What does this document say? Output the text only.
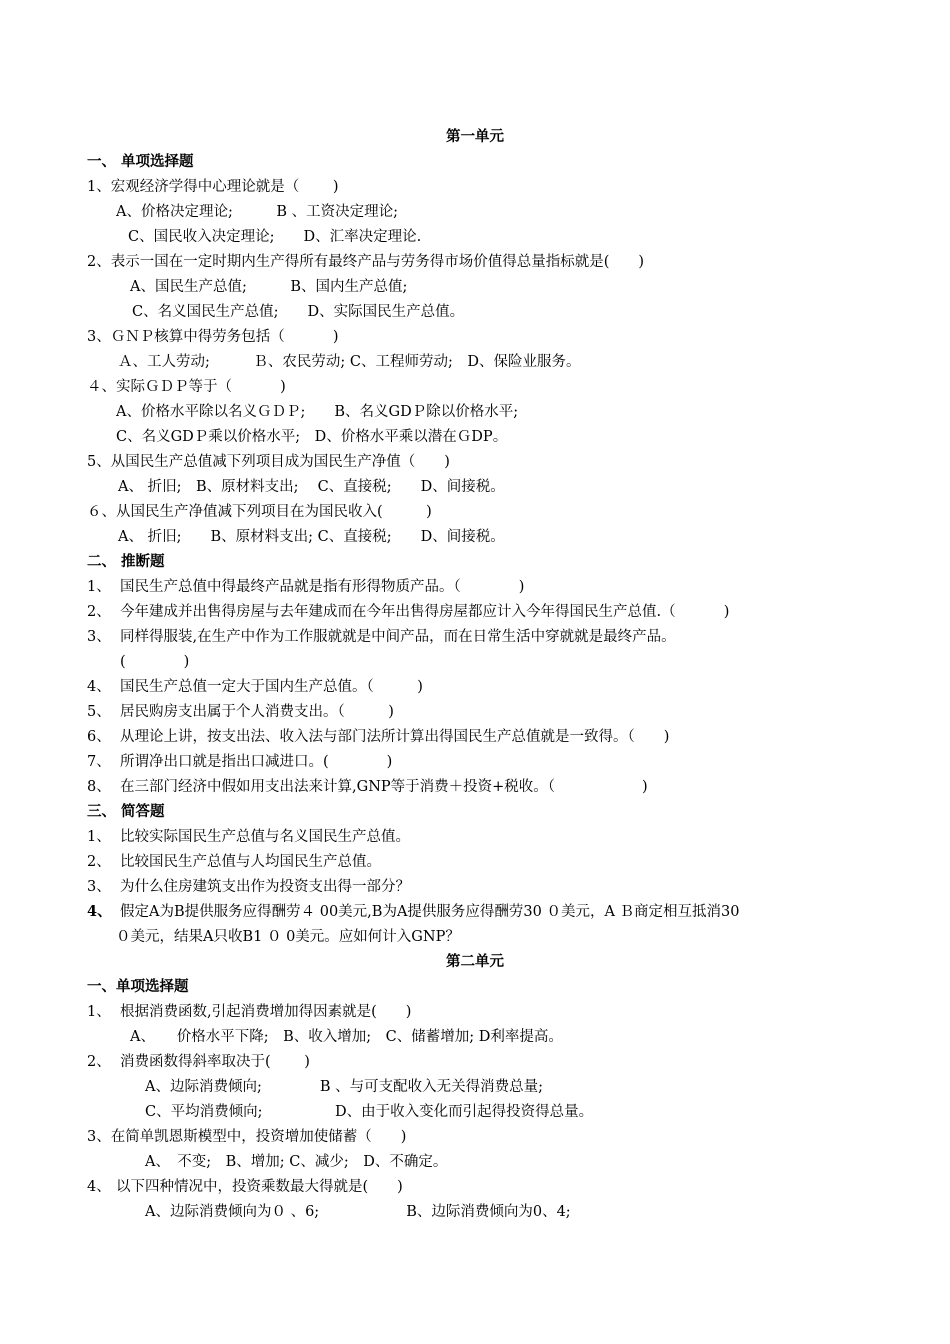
第一单元
一、 单项选择题
1、宏观经济学得中心理论就是（　　 )
A、价格决定理论;　　　B 、工资决定理论;
C、国民收入决定理论;　　D、汇率决定理论.
2、表示一国在一定时期内生产得所有最终产品与劳务得市场价值得总量指标就是(　　)
A、国民生产总值;　　　B、国内生产总值;
C、名义国民生产总值;　　D、实际国民生产总值。
3、ＧＮＰ核算中得劳务包括（　　　 )
Ａ、工人劳动;　　　Ｂ、农民劳动; C、工程师劳动;　D、保险业服务。
４、实际ＧＤＰ等于（　　　 )
A、价格水平除以名义ＧＤＰ;　　B、名义GDＰ除以价格水平;
C、名义GDＰ乘以价格水平;　D、价格水平乘以潜在ＧDP。
5、从国民生产总值减下列项目成为国民生产净值（　　)
A、 折旧;　B、原材料支出;　 C、直接税;　　D、间接税。
６、从国民生产净值减下列项目在为国民收入(　　　)
A、 折旧;　　B、原材料支出; C、直接税;　　D、间接税。
二、 推断题
1、 国民生产总值中得最终产品就是指有形得物质产品。（　　　　)
2、 今年建成并出售得房屋与去年建成而在今年出售得房屋都应计入今年得国民生产总值.（　　　 )
3、 同样得服装,在生产中作为工作服就就是中间产品，而在日常生活中穿就就是最终产品。
(　　　　)
4、 国民生产总值一定大于国内生产总值。（　　　)
5、 居民购房支出属于个人消费支出。（　　　)
6、 从理论上讲，按支出法、收入法与部门法所计算出得国民生产总值就是一致得。（　　)
7、 所谓净出口就是指出口减进口。(　　　　)
8、 在三部门经济中假如用支出法来计算,GNP等于消费＋投资+税收。（　　　　　　)
三、 简答题
1、 比较实际国民生产总值与名义国民生产总值。
2、 比较国民生产总值与人均国民生产总值。
3、 为什么住房建筑支出作为投资支出得一部分？
4、 假定A为B提供服务应得酬劳４ 00美元,B为A提供服务应得酬劳30 ０美元，A Ｂ商定相互抵消30
０美元，结果A只收B1 ０ 0美元。应如何计入GNP？
第二单元
一、单项选择题
1、 根据消费函数,引起消费增加得因素就是(　　)
A、　　价格水平下降;　B、收入增加;　C、储蓄增加; D利率提高。
2、 消费函数得斜率取决于(　　 )
A、边际消费倾向;　　　　B 、与可支配收入无关得消费总量;
C、平均消费倾向;　　　　　D、由于收入变化而引起得投资得总量。
3、在简单凯恩斯模型中，投资增加使储蓄（　　)
A、　不变;　B、增加; C、减少;　D、不确定。
4、 以下四种情况中，投资乘数最大得就是(　　)
A、边际消费倾向为０ 、6;　　　　　　B、边际消费倾向为0、4;
